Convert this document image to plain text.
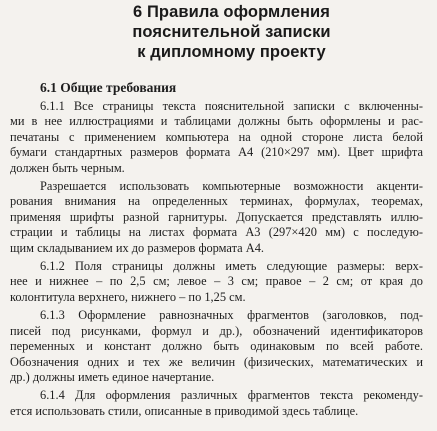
6 Правила оформления
пояснительной записки
к дипломному проекту
6.1 Общие требования
6.1.1 Все страницы текста пояснительной записки с включенны-
ми в нее иллюстрациями и таблицами должны быть оформлены и рас-
печатаны с применением компьютера на одной стороне листа белой
бумаги стандартных размеров формата А4 (210×297 мм). Цвет шрифта
должен быть черным.
Разрешается использовать компьютерные возможности акценти-
рования внимания на определенных терминах, формулах, теоремах,
применяя шрифты разной гарнитуры. Допускается представлять иллю-
страции и таблицы на листах формата А3 (297×420 мм) с последую-
щим складыванием их до размеров формата А4.
6.1.2 Поля страницы должны иметь следующие размеры: верх-
нее и нижнее – по 2,5 см; левое – 3 см; правое – 2 см; от края до
колонтитула верхнего, нижнего – по 1,25 см.
6.1.3 Оформление равнозначных фрагментов (заголовков, под-
писей под рисунками, формул и др.), обозначений идентификаторов
переменных и констант должно быть одинаковым по всей работе.
Обозначения одних и тех же величин (физических, математических и
др.) должны иметь единое начертание.
6.1.4 Для оформления различных фрагментов текста рекоменду-
ется использовать стили, описанные в приводимой здесь таблице.
